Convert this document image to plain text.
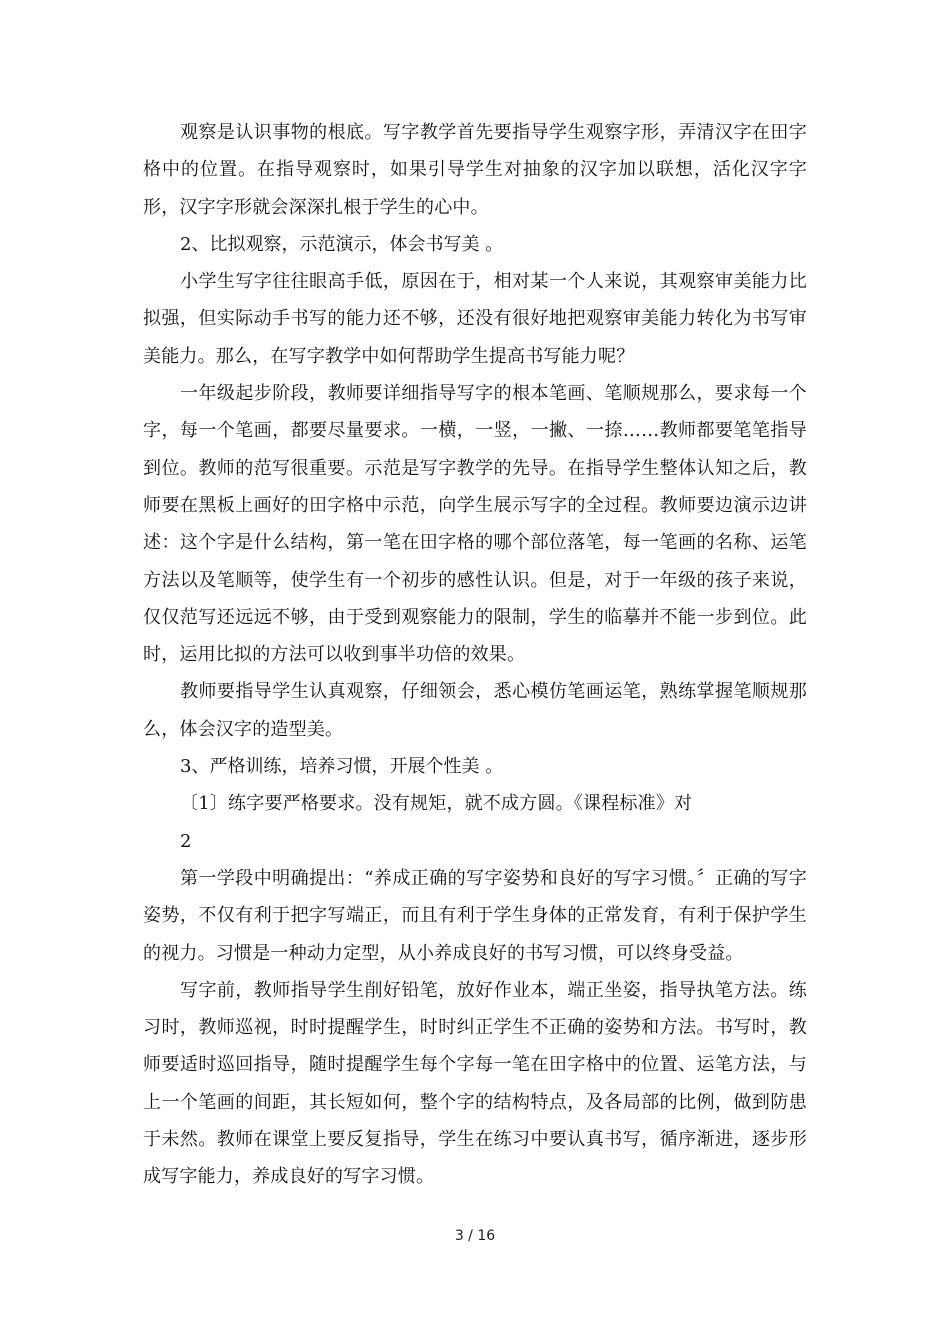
观察是认识事物的根底。写字教学首先要指导学生观察字形，弄清汉字在田字格中的位置。在指导观察时，如果引导学生对抽象的汉字加以联想，活化汉字字形，汉字字形就会深深扎根于学生的心中。

2、比拟观察，示范演示，体会书写美 。

小学生写字往往眼高手低，原因在于，相对某一个人来说，其观察审美能力比拟强，但实际动手书写的能力还不够，还没有很好地把观察审美能力转化为书写审美能力。那么，在写字教学中如何帮助学生提高书写能力呢？

一年级起步阶段，教师要详细指导写字的根本笔画、笔顺规那么，要求每一个字，每一个笔画，都要尽量要求。一横，一竖，一撇、一捺……教师都要笔笔指导到位。教师的范写很重要。示范是写字教学的先导。在指导学生整体认知之后，教师要在黑板上画好的田字格中示范，向学生展示写字的全过程。教师要边演示边讲述：这个字是什么结构，第一笔在田字格的哪个部位落笔，每一笔画的名称、运笔方法以及笔顺等，使学生有一个初步的感性认识。但是，对于一年级的孩子来说，仅仅范写还远远不够，由于受到观察能力的限制，学生的临摹并不能一步到位。此时，运用比拟的方法可以收到事半功倍的效果。

教师要指导学生认真观察，仔细领会，悉心模仿笔画运笔，熟练掌握笔顺规那么，体会汉字的造型美。

3、严格训练，培养习惯，开展个性美 。

〔1〕练字要严格要求。没有规矩，就不成方圆。《课程标准》对

2

第一学段中明确提出：“养成正确的写字姿势和良好的写字习惯。〞正确的写字姿势，不仅有利于把字写端正，而且有利于学生身体的正常发育，有利于保护学生的视力。习惯是一种动力定型，从小养成良好的书写习惯，可以终身受益。

写字前，教师指导学生削好铅笔，放好作业本，端正坐姿，指导执笔方法。练习时，教师巡视，时时提醒学生，时时纠正学生不正确的姿势和方法。书写时，教师要适时巡回指导，随时提醒学生每个字每一笔在田字格中的位置、运笔方法，与上一个笔画的间距，其长短如何，整个字的结构特点，及各局部的比例，做到防患于未然。教师在课堂上要反复指导，学生在练习中要认真书写，循序渐进，逐步形成写字能力，养成良好的写字习惯。

3 / 16
